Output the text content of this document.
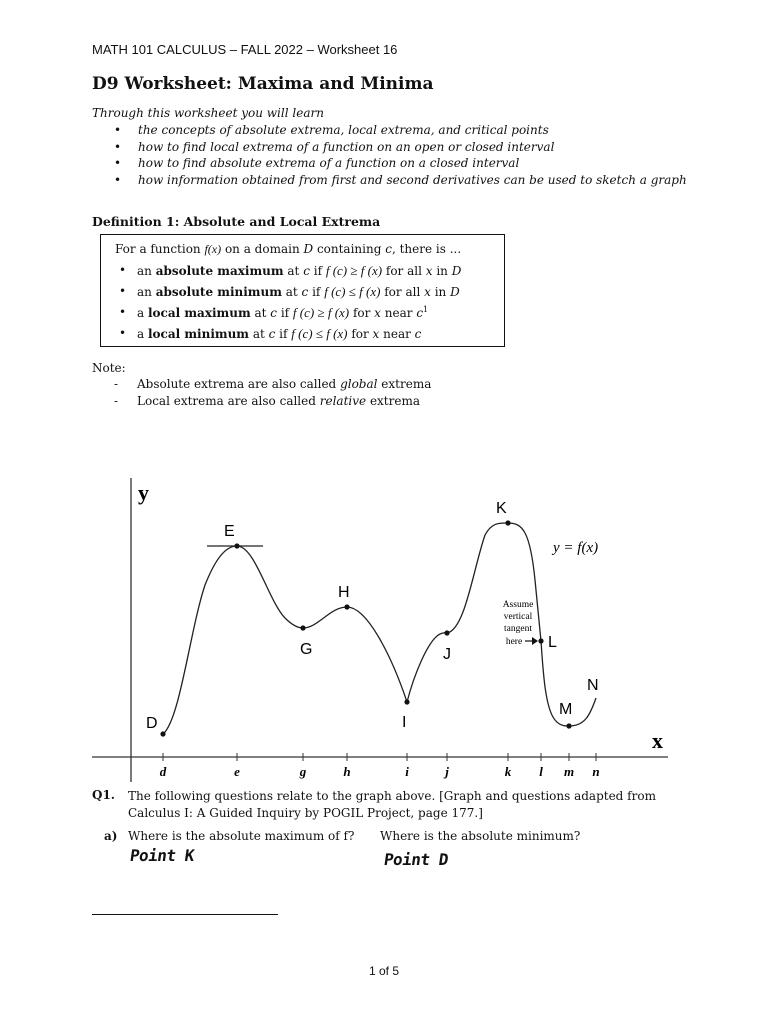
MATH 101 CALCULUS – FALL 2022 – Worksheet 16
D9 Worksheet: Maxima and Minima
Through this worksheet you will learn
• the concepts of absolute extrema, local extrema, and critical points
• how to find local extrema of a function on an open or closed interval
• how to find absolute extrema of a function on a closed interval
• how information obtained from first and second derivatives can be used to sketch a graph
Definition 1: Absolute and Local Extrema
For a function f(x) on a domain D containing c, there is ...
• an absolute maximum at c if f (c) ≥ f (x) for all x in D
• an absolute minimum at c if f (c) ≤ f (x) for all x in D
• a local maximum at c if f (c) ≥ f (x) for x near $c^1$
• a local minimum at c if f (c) ≤ f (x) for x near c
Note:
- Absolute extrema are also called global extrema
- Local extrema are also called relative extrema
y
x
d	e	g	h	i	j	k l m n
D
E
G
H
I
J
K
L
M
N
y = f(x)
Assume
vertical
tangent
here
Q1. The following questions relate to the graph above. [Graph and questions adapted from Calculus I: A Guided Inquiry by POGIL Project, page 177.]
a) Where is the absolute maximum of f? Where is the absolute minimum?
Point K	Point D
1 of 5
